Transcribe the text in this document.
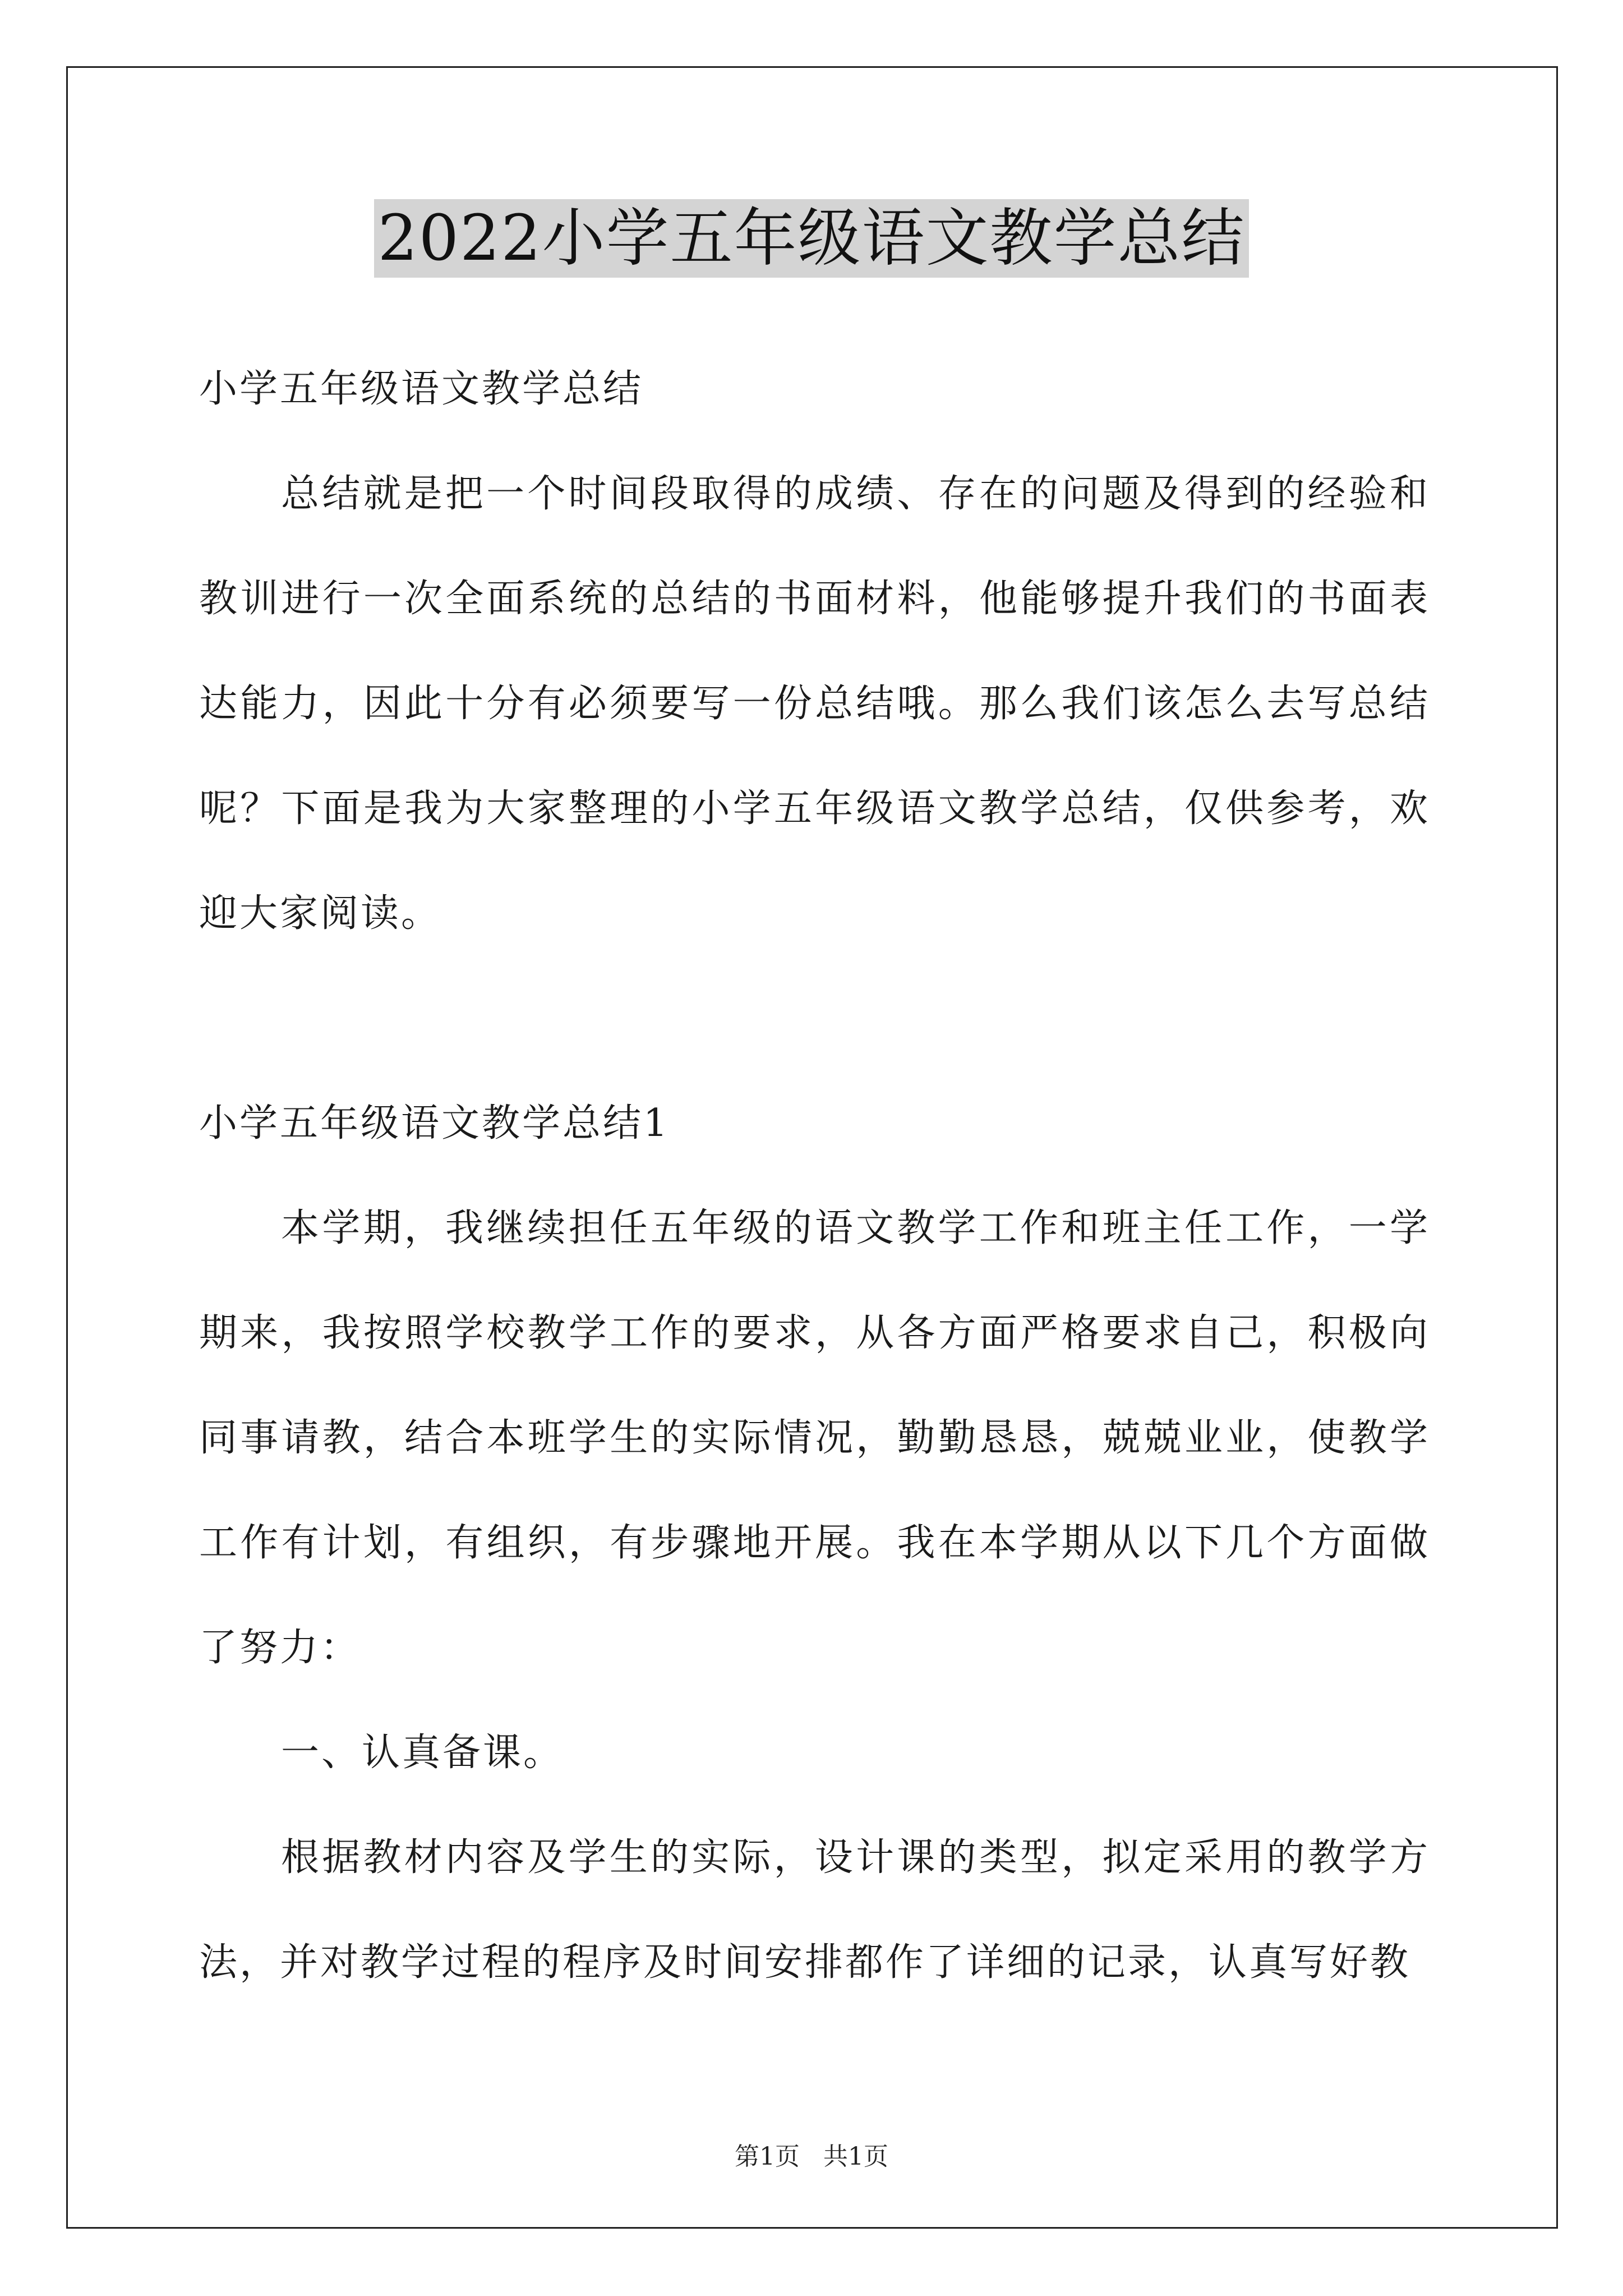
2022小学五年级语文教学总结

小学五年级语文教学总结

总结就是把一个时间段取得的成绩、存在的问题及得到的经验和教训进行一次全面系统的总结的书面材料，他能够提升我们的书面表达能力，因此十分有必须要写一份总结哦。那么我们该怎么去写总结呢？下面是我为大家整理的小学五年级语文教学总结，仅供参考，欢迎大家阅读。

小学五年级语文教学总结1

本学期，我继续担任五年级的语文教学工作和班主任工作，一学期来，我按照学校教学工作的要求，从各方面严格要求自己，积极向同事请教，结合本班学生的实际情况，勤勤恳恳，兢兢业业，使教学工作有计划，有组织，有步骤地开展。我在本学期从以下几个方面做了努力：

一、认真备课。

根据教材内容及学生的实际，设计课的类型，拟定采用的教学方法，并对教学过程的程序及时间安排都作了详细的记录，认真写好教

第1页   共1页
